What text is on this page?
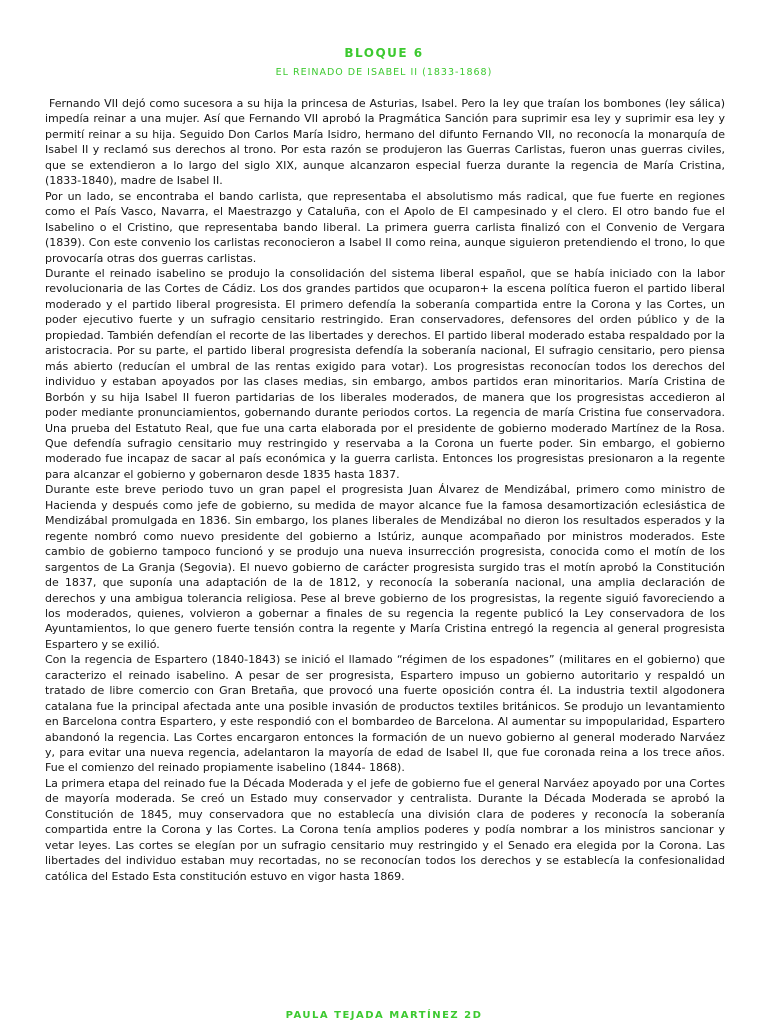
BLOQUE 6
EL REINADO DE ISABEL II (1833-1868)

Fernando VII dejó como sucesora a su hija la princesa de Asturias, Isabel. Pero la ley que traían los bombones (ley sálica) impedía reinar a una mujer. Así que Fernando VII aprobó la Pragmática Sanción para suprimir esa ley y suprimir esa ley y permití reinar a su hija. Seguido Don Carlos María Isidro, hermano del difunto Fernando VII, no reconocía la monarquía de Isabel II y reclamó sus derechos al trono. Por esta razón se produjeron las Guerras Carlistas, fueron unas guerras civiles, que se extendieron a lo largo del siglo XIX, aunque alcanzaron especial fuerza durante la regencia de María Cristina, (1833-1840), madre de Isabel II.

Por un lado, se encontraba el bando carlista, que representaba el absolutismo más radical, que fue fuerte en regiones como el País Vasco, Navarra, el Maestrazgo y Cataluña, con el Apolo de El campesinado y el clero. El otro bando fue el Isabelino o el Cristino, que representaba bando liberal. La primera guerra carlista finalizó con el Convenio de Vergara (1839). Con este convenio los carlistas reconocieron a Isabel II como reina, aunque siguieron pretendiendo el trono, lo que provocaría otras dos guerras carlistas.

Durante el reinado isabelino se produjo la consolidación del sistema liberal español, que se había iniciado con la labor revolucionaria de las Cortes de Cádiz. Los dos grandes partidos que ocuparon+ la escena política fueron el partido liberal moderado y el partido liberal progresista. El primero defendía la soberanía compartida entre la Corona y las Cortes, un poder ejecutivo fuerte y un sufragio censitario restringido. Eran conservadores, defensores del orden público y de la propiedad. También defendían el recorte de las libertades y derechos. El partido liberal moderado estaba respaldado por la aristocracia. Por su parte, el partido liberal progresista defendía la soberanía nacional, El sufragio censitario, pero piensa más abierto (reducían el umbral de las rentas exigido para votar). Los progresistas reconocían todos los derechos del individuo y estaban apoyados por las clases medias, sin embargo, ambos partidos eran minoritarios. María Cristina de Borbón y su hija Isabel II fueron partidarias de los liberales moderados, de manera que los progresistas accedieron al poder mediante pronunciamientos, gobernando durante periodos cortos. La regencia de maría Cristina fue conservadora. Una prueba del Estatuto Real, que fue una carta elaborada por el presidente de gobierno moderado Martínez de la Rosa. Que defendía sufragio censitario muy restringido y reservaba a la Corona un fuerte poder. Sin embargo, el gobierno moderado fue incapaz de sacar al país económica y la guerra carlista. Entonces los progresistas presionaron a la regente para alcanzar el gobierno y gobernaron desde 1835 hasta 1837.

Durante este breve periodo tuvo un gran papel el progresista Juan Álvarez de Mendizábal, primero como ministro de Hacienda y después como jefe de gobierno, su medida de mayor alcance fue la famosa desamortización eclesiástica de Mendizábal promulgada en 1836. Sin embargo, los planes liberales de Mendizábal no dieron los resultados esperados y la regente nombró como nuevo presidente del gobierno a Istúriz, aunque acompañado por ministros moderados. Este cambio de gobierno tampoco funcionó y se produjo una nueva insurrección progresista, conocida como el motín de los sargentos de La Granja (Segovia). El nuevo gobierno de carácter progresista surgido tras el motín aprobó la Constitución de 1837, que suponía una adaptación de la de 1812, y reconocía la soberanía nacional, una amplia declaración de derechos y una ambigua tolerancia religiosa. Pese al breve gobierno de los progresistas, la regente siguió favoreciendo a los moderados, quienes, volvieron a gobernar a finales de su regencia la regente publicó la Ley conservadora de los Ayuntamientos, lo que genero fuerte tensión contra la regente y María Cristina entregó la regencia al general progresista Espartero y se exilió.

Con la regencia de Espartero (1840-1843) se inició el llamado “régimen de los espadones” (militares en el gobierno) que caracterizo el reinado isabelino. A pesar de ser progresista, Espartero impuso un gobierno autoritario y respaldó un tratado de libre comercio con Gran Bretaña, que provocó una fuerte oposición contra él. La industria textil algodonera catalana fue la principal afectada ante una posible invasión de productos textiles británicos. Se produjo un levantamiento en Barcelona contra Espartero, y este respondió con el bombardeo de Barcelona. Al aumentar su impopularidad, Espartero abandonó la regencia. Las Cortes encargaron entonces la formación de un nuevo gobierno al general moderado Narváez y, para evitar una nueva regencia, adelantaron la mayoría de edad de Isabel II, que fue coronada reina a los trece años. Fue el comienzo del reinado propiamente isabelino (1844- 1868).

La primera etapa del reinado fue la Década Moderada y el jefe de gobierno fue el general Narváez apoyado por una Cortes de mayoría moderada. Se creó un Estado muy conservador y centralista. Durante la Década Moderada se aprobó la Constitución de 1845, muy conservadora que no establecía una división clara de poderes y reconocía la soberanía compartida entre la Corona y las Cortes. La Corona tenía amplios poderes y podía nombrar a los ministros sancionar y vetar leyes. Las cortes se elegían por un sufragio censitario muy restringido y el Senado era elegida por la Corona. Las libertades del individuo estaban muy recortadas, no se reconocían todos los derechos y se establecía la confesionalidad católica del Estado Esta constitución estuvo en vigor hasta 1869.

PAULA TEJADA MARTÍNEZ 2D
